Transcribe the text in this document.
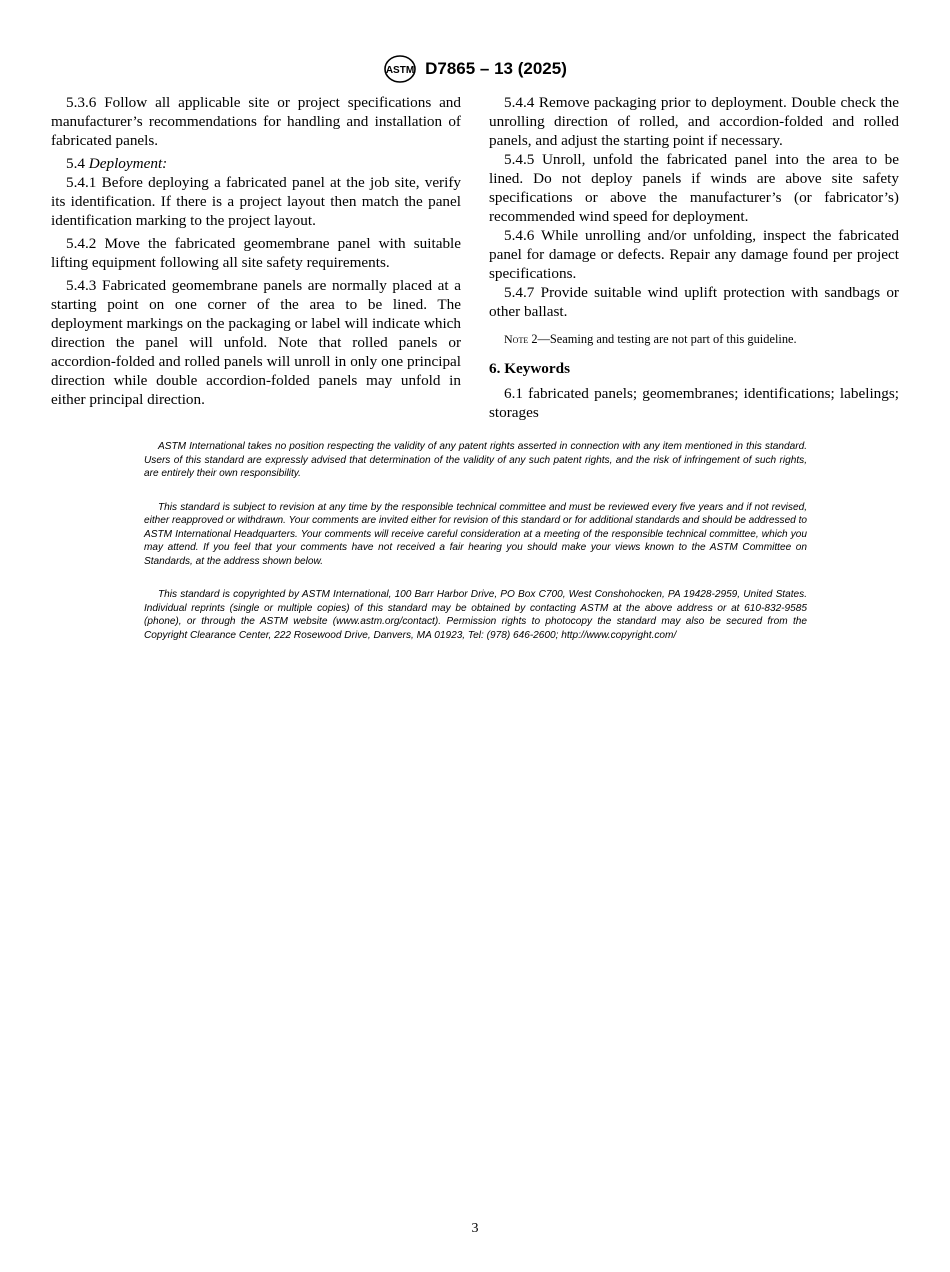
ASTM D7865 – 13 (2025)

5.3.6 Follow all applicable site or project specifications and manufacturer’s recommendations for handling and installation of fabricated panels.

5.4 Deployment:

5.4.1 Before deploying a fabricated panel at the job site, verify its identification. If there is a project layout then match the panel identification marking to the project layout.

5.4.2 Move the fabricated geomembrane panel with suitable lifting equipment following all site safety requirements.

5.4.3 Fabricated geomembrane panels are normally placed at a starting point on one corner of the area to be lined. The deployment markings on the packaging or label will indicate which direction the panel will unfold. Note that rolled panels or accordion-folded and rolled panels will unroll in only one principal direction while double accordion-folded panels may unfold in either principal direction.

5.4.4 Remove packaging prior to deployment. Double check the unrolling direction of rolled, and accordion-folded and rolled panels, and adjust the starting point if necessary.

5.4.5 Unroll, unfold the fabricated panel into the area to be lined. Do not deploy panels if winds are above site safety specifications or above the manufacturer’s (or fabricator’s) recommended wind speed for deployment.

5.4.6 While unrolling and/or unfolding, inspect the fabricated panel for damage or defects. Repair any damage found per project specifications.

5.4.7 Provide suitable wind uplift protection with sandbags or other ballast.

Note 2—Seaming and testing are not part of this guideline.

6. Keywords

6.1 fabricated panels; geomembranes; identifications; labelings; storages

ASTM International takes no position respecting the validity of any patent rights asserted in connection with any item mentioned in this standard. Users of this standard are expressly advised that determination of the validity of any such patent rights, and the risk of infringement of such rights, are entirely their own responsibility.

This standard is subject to revision at any time by the responsible technical committee and must be reviewed every five years and if not revised, either reapproved or withdrawn. Your comments are invited either for revision of this standard or for additional standards and should be addressed to ASTM International Headquarters. Your comments will receive careful consideration at a meeting of the responsible technical committee, which you may attend. If you feel that your comments have not received a fair hearing you should make your views known to the ASTM Committee on Standards, at the address shown below.

This standard is copyrighted by ASTM International, 100 Barr Harbor Drive, PO Box C700, West Conshohocken, PA 19428-2959, United States. Individual reprints (single or multiple copies) of this standard may be obtained by contacting ASTM at the above address or at 610-832-9585 (phone), or through the ASTM website (www.astm.org/contact). Permission rights to photocopy the standard may also be secured from the Copyright Clearance Center, 222 Rosewood Drive, Danvers, MA 01923, Tel: (978) 646-2600; http://www.copyright.com/

3
